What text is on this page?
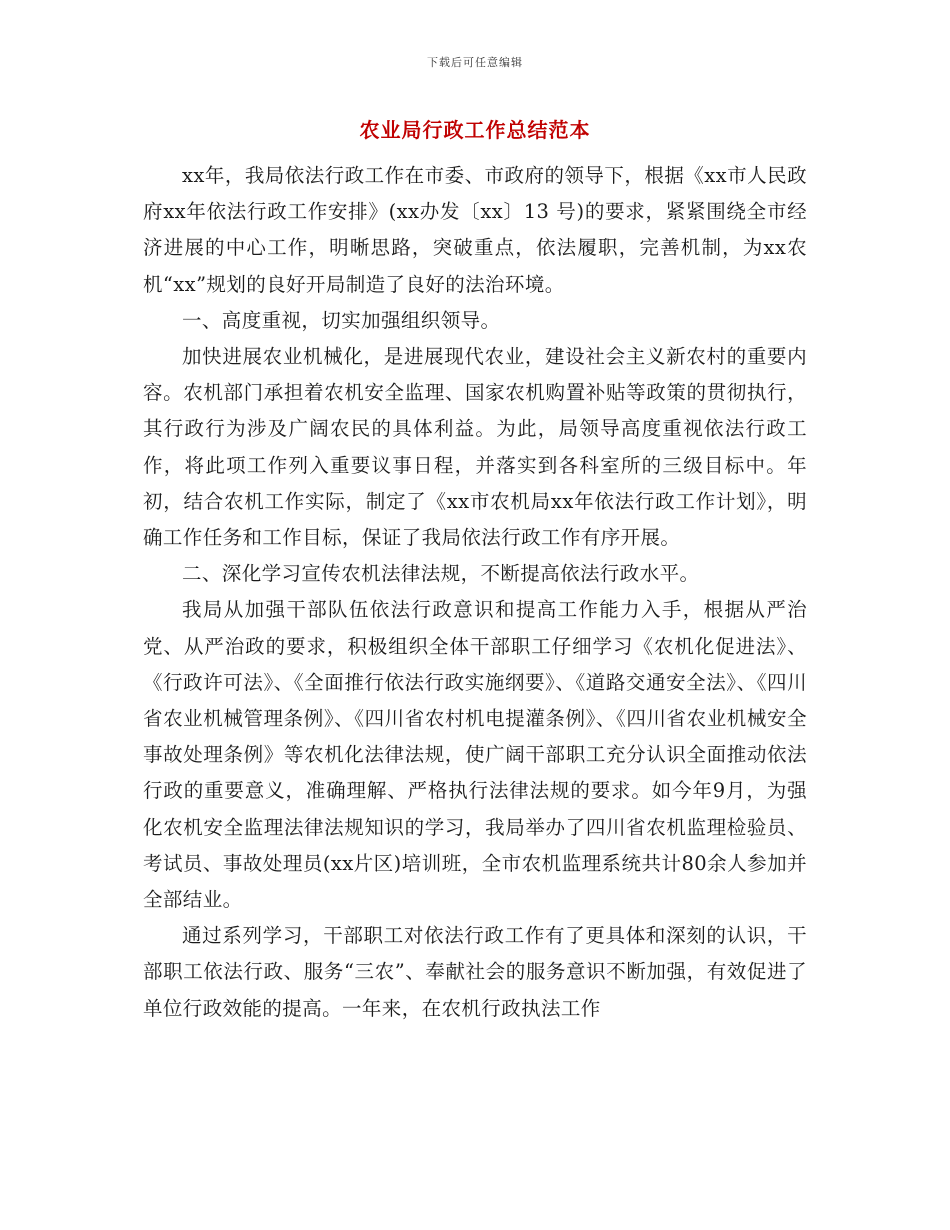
下载后可任意编辑
农业局行政工作总结范本

xx年，我局依法行政工作在市委、市政府的领导下，根据《xx市人民政府xx年依法行政工作安排》(xx办发〔xx〕13 号)的要求，紧紧围绕全市经济进展的中心工作，明晰思路，突破重点，依法履职，完善机制，为xx农机“xx”规划的良好开局制造了良好的法治环境。

一、高度重视，切实加强组织领导。

加快进展农业机械化，是进展现代农业，建设社会主义新农村的重要内容。农机部门承担着农机安全监理、国家农机购置补贴等政策的贯彻执行，其行政行为涉及广阔农民的具体利益。为此，局领导高度重视依法行政工作，将此项工作列入重要议事日程，并落实到各科室所的三级目标中。年初，结合农机工作实际，制定了《xx市农机局xx年依法行政工作计划》，明确工作任务和工作目标，保证了我局依法行政工作有序开展。

二、深化学习宣传农机法律法规，不断提高依法行政水平。

我局从加强干部队伍依法行政意识和提高工作能力入手，根据从严治党、从严治政的要求，积极组织全体干部职工仔细学习《农机化促进法》、《行政许可法》、《全面推行依法行政实施纲要》、《道路交通安全法》、《四川省农业机械管理条例》、《四川省农村机电提灌条例》、《四川省农业机械安全事故处理条例》等农机化法律法规，使广阔干部职工充分认识全面推动依法行政的重要意义，准确理解、严格执行法律法规的要求。如今年9月，为强化农机安全监理法律法规知识的学习，我局举办了四川省农机监理检验员、考试员、事故处理员(xx片区)培训班，全市农机监理系统共计80余人参加并全部结业。

通过系列学习，干部职工对依法行政工作有了更具体和深刻的认识，干部职工依法行政、服务“三农”、奉献社会的服务意识不断加强，有效促进了单位行政效能的提高。一年来，在农机行政执法工作
